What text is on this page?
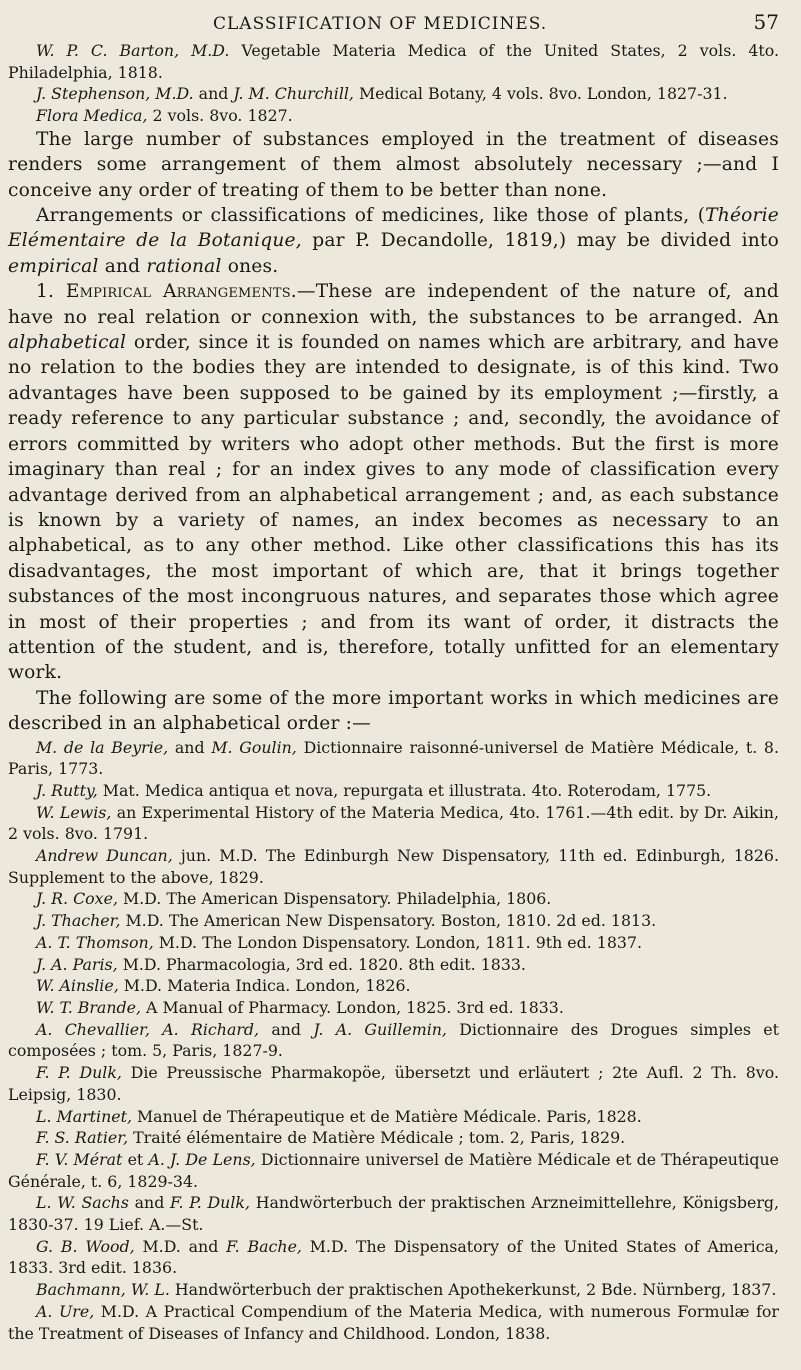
CLASSIFICATION OF MEDICINES.	57

W. P. C. Barton, M.D. Vegetable Materia Medica of the United States, 2 vols. 4to. Philadelphia, 1818.

J. Stephenson, M.D. and J. M. Churchill, Medical Botany, 4 vols. 8vo. London, 1827-31.

Flora Medica, 2 vols. 8vo. 1827.

The large number of substances employed in the treatment of diseases renders some arrangement of them almost absolutely necessary ;—and I conceive any order of treating of them to be better than none.

Arrangements or classifications of medicines, like those of plants, (Théorie Elémentaire de la Botanique, par P. Decandolle, 1819,) may be divided into empirical and rational ones.

1. Empirical Arrangements.—These are independent of the nature of, and have no real relation or connexion with, the substances to be arranged. An alphabetical order, since it is founded on names which are arbitrary, and have no relation to the bodies they are intended to designate, is of this kind. Two advantages have been supposed to be gained by its employment ;—firstly, a ready reference to any particular substance ; and, secondly, the avoidance of errors committed by writers who adopt other methods. But the first is more imaginary than real ; for an index gives to any mode of classification every advantage derived from an alphabetical arrangement ; and, as each substance is known by a variety of names, an index becomes as necessary to an alphabetical, as to any other method. Like other classifications this has its disadvantages, the most important of which are, that it brings together substances of the most incongruous natures, and separates those which agree in most of their properties ; and from its want of order, it distracts the attention of the student, and is, therefore, totally unfitted for an elementary work.

The following are some of the more important works in which medicines are described in an alphabetical order :—

M. de la Beyrie, and M. Goulin, Dictionnaire raisonné-universel de Matière Médicale, t. 8. Paris, 1773.

J. Rutty, Mat. Medica antiqua et nova, repurgata et illustrata. 4to. Roterodam, 1775.

W. Lewis, an Experimental History of the Materia Medica, 4to. 1761.—4th edit. by Dr. Aikin, 2 vols. 8vo. 1791.

Andrew Duncan, jun. M.D. The Edinburgh New Dispensatory, 11th ed. Edinburgh, 1826. Supplement to the above, 1829.

J. R. Coxe, M.D. The American Dispensatory. Philadelphia, 1806.

J. Thacher, M.D. The American New Dispensatory. Boston, 1810. 2d ed. 1813.

A. T. Thomson, M.D. The London Dispensatory. London, 1811. 9th ed. 1837.

J. A. Paris, M.D. Pharmacologia, 3rd ed. 1820. 8th edit. 1833.

W. Ainslie, M.D. Materia Indica. London, 1826.

W. T. Brande, A Manual of Pharmacy. London, 1825. 3rd ed. 1833.

A. Chevallier, A. Richard, and J. A. Guillemin, Dictionnaire des Drogues simples et composées ; tom. 5, Paris, 1827-9.

F. P. Dulk, Die Preussische Pharmakopöe, übersetzt und erläutert ; 2te Aufl. 2 Th. 8vo. Leipsig, 1830.

L. Martinet, Manuel de Thérapeutique et de Matière Médicale. Paris, 1828.

F. S. Ratier, Traité élémentaire de Matière Médicale ; tom. 2, Paris, 1829.

F. V. Mérat et A. J. De Lens, Dictionnaire universel de Matière Médicale et de Thérapeutique Générale, t. 6, 1829-34.

L. W. Sachs and F. P. Dulk, Handwörterbuch der praktischen Arzneimittellehre, Königsberg, 1830-37. 19 Lief. A.—St.

G. B. Wood, M.D. and F. Bache, M.D. The Dispensatory of the United States of America, 1833. 3rd edit. 1836.

Bachmann, W. L. Handwörterbuch der praktischen Apothekerkunst, 2 Bde. Nürnberg, 1837.

A. Ure, M.D. A Practical Compendium of the Materia Medica, with numerous Formulæ for the Treatment of Diseases of Infancy and Childhood. London, 1838.
